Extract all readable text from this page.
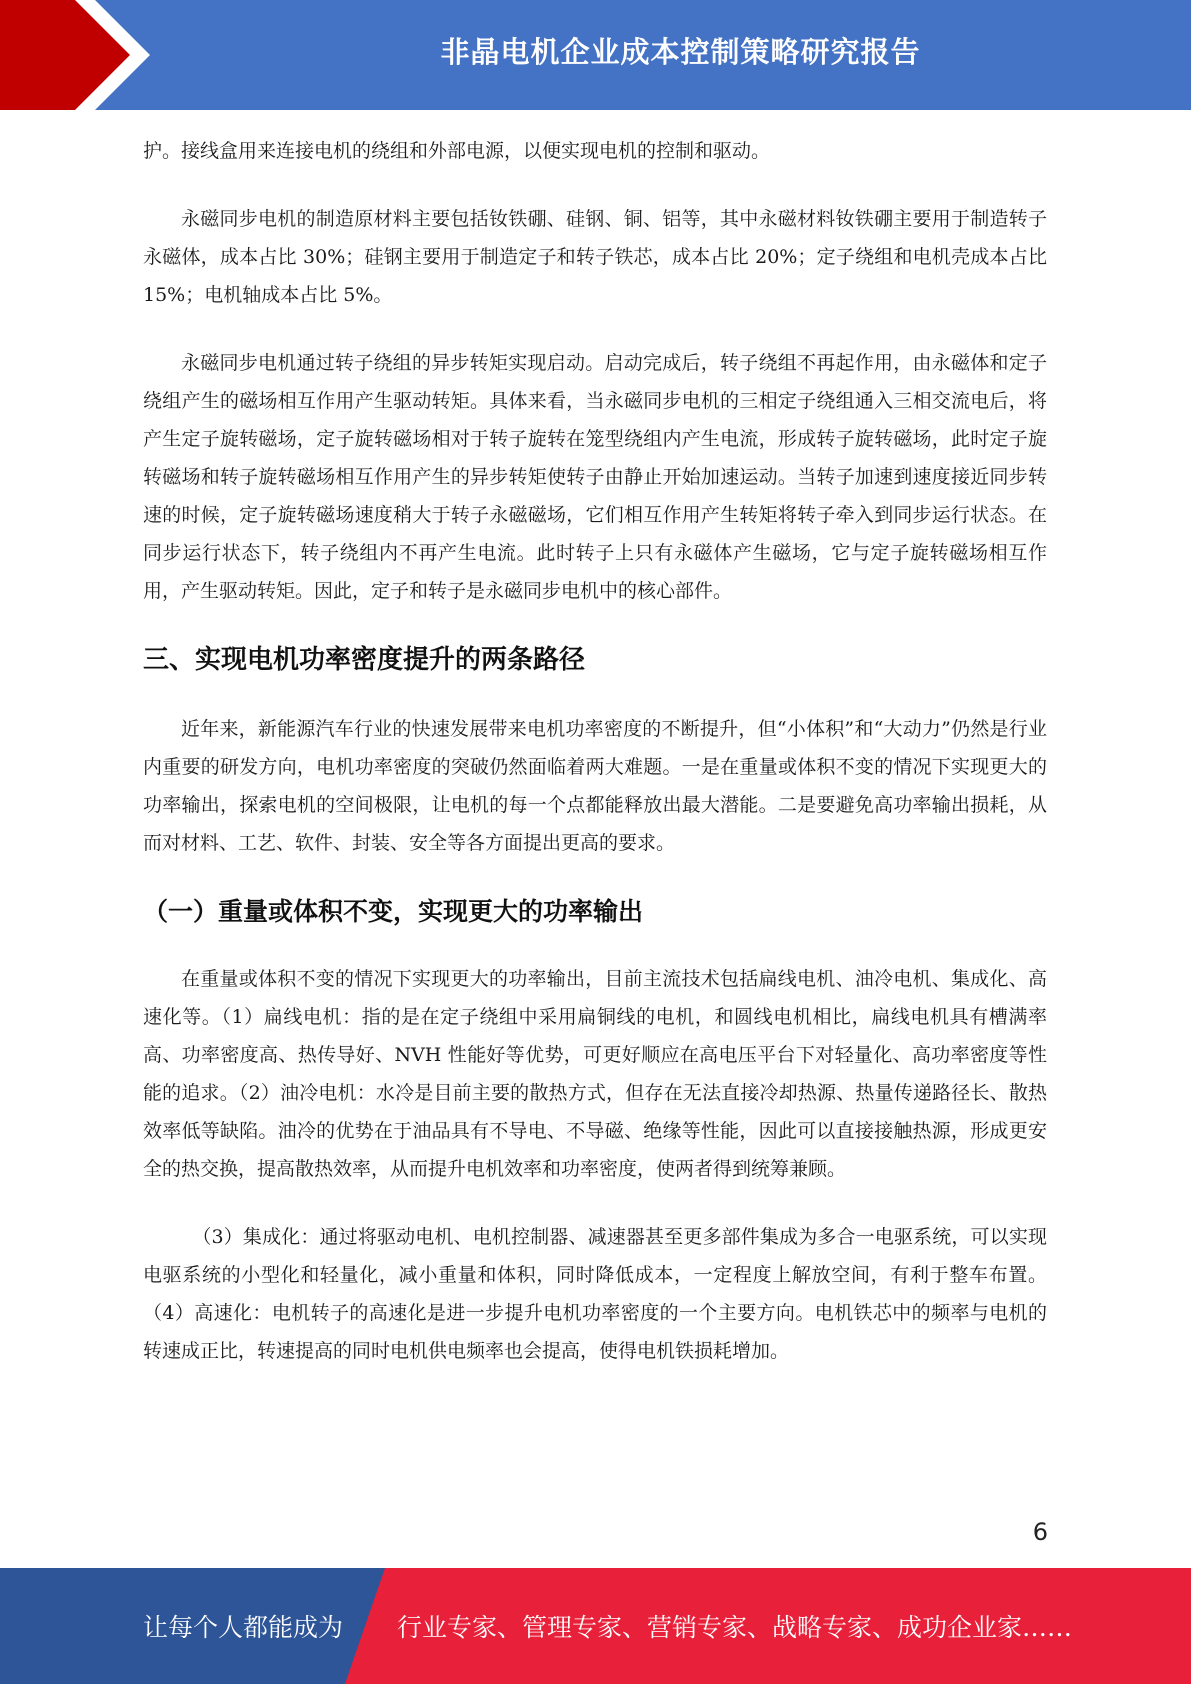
非晶电机企业成本控制策略研究报告

护。接线盒用来连接电机的绕组和外部电源，以便实现电机的控制和驱动。

永磁同步电机的制造原材料主要包括钕铁硼、硅钢、铜、铝等，其中永磁材料钕铁硼主要用于制造转子永磁体，成本占比 30%；硅钢主要用于制造定子和转子铁芯，成本占比 20%；定子绕组和电机壳成本占比 15%；电机轴成本占比 5%。

永磁同步电机通过转子绕组的异步转矩实现启动。启动完成后，转子绕组不再起作用，由永磁体和定子绕组产生的磁场相互作用产生驱动转矩。具体来看，当永磁同步电机的三相定子绕组通入三相交流电后，将产生定子旋转磁场，定子旋转磁场相对于转子旋转在笼型绕组内产生电流，形成转子旋转磁场，此时定子旋转磁场和转子旋转磁场相互作用产生的异步转矩使转子由静止开始加速运动。当转子加速到速度接近同步转速的时候，定子旋转磁场速度稍大于转子永磁磁场，它们相互作用产生转矩将转子牵入到同步运行状态。在同步运行状态下，转子绕组内不再产生电流。此时转子上只有永磁体产生磁场，它与定子旋转磁场相互作用，产生驱动转矩。因此，定子和转子是永磁同步电机中的核心部件。

三、实现电机功率密度提升的两条路径

近年来，新能源汽车行业的快速发展带来电机功率密度的不断提升，但“小体积”和“大动力”仍然是行业内重要的研发方向，电机功率密度的突破仍然面临着两大难题。一是在重量或体积不变的情况下实现更大的功率输出，探索电机的空间极限，让电机的每一个点都能释放出最大潜能。二是要避免高功率输出损耗，从而对材料、工艺、软件、封装、安全等各方面提出更高的要求。

（一）重量或体积不变，实现更大的功率输出

在重量或体积不变的情况下实现更大的功率输出，目前主流技术包括扁线电机、油冷电机、集成化、高速化等。（1）扁线电机：指的是在定子绕组中采用扁铜线的电机，和圆线电机相比，扁线电机具有槽满率高、功率密度高、热传导好、NVH 性能好等优势，可更好顺应在高电压平台下对轻量化、高功率密度等性能的追求。（2）油冷电机：水冷是目前主要的散热方式，但存在无法直接冷却热源、热量传递路径长、散热效率低等缺陷。油冷的优势在于油品具有不导电、不导磁、绝缘等性能，因此可以直接接触热源，形成更安全的热交换，提高散热效率，从而提升电机效率和功率密度，使两者得到统筹兼顾。

（3）集成化：通过将驱动电机、电机控制器、减速器甚至更多部件集成为多合一电驱系统，可以实现电驱系统的小型化和轻量化，减小重量和体积，同时降低成本，一定程度上解放空间，有利于整车布置。（4）高速化：电机转子的高速化是进一步提升电机功率密度的一个主要方向。电机铁芯中的频率与电机的转速成正比，转速提高的同时电机供电频率也会提高，使得电机铁损耗增加。

6
让每个人都能成为 行业专家、管理专家、营销专家、战略专家、成功企业家……
